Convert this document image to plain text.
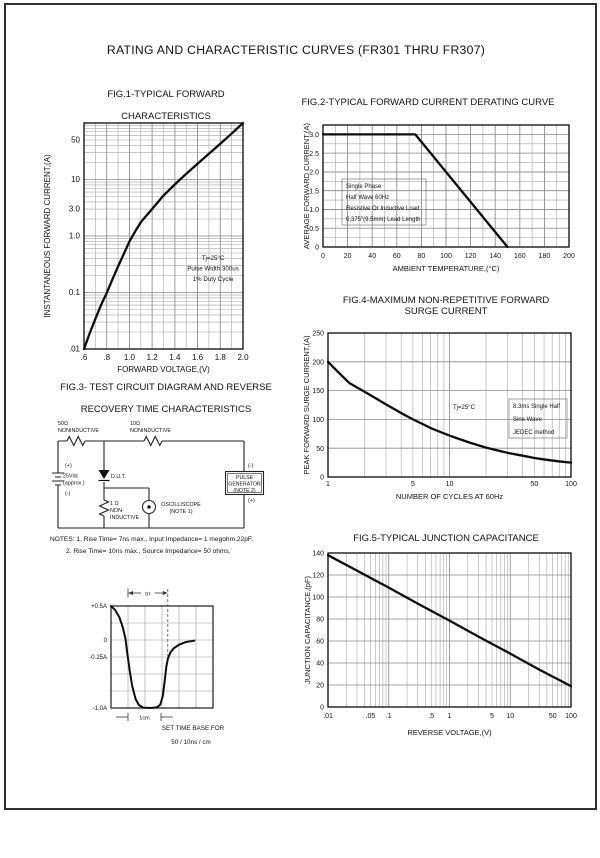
RATING AND CHARACTERISTIC CURVES (FR301 THRU FR307)
FIG.1-TYPICAL FORWARD
CHARACTERISTICS
.6 .8 1.0 1.2 1.4 1.6 1.8 2.0
50
10
3.0
1.0
0.1
.01
FORWARD VOLTAGE,(V)
INSTANTANEOUS FORWARD CURRENT,(A)	Tj=25°C
Pulse Width 300us
1% Duty Cycle
FIG.2-TYPICAL FORWARD CURRENT DERATING CURVE
0	20 40 60 80 100 120 140 160 180 200
3.0
2.5
2.0
1.5
1.0
0.5
0
AMBIENT TEMPERATURE,(°C)
AVERAGE FORWARD CURRENT,(A)	Single Phase
Half Wave 60Hz
Resistive Or Inductive Load
0.375"(9.5mm) Lead Length
FIG.4-MAXIMUM NON-REPETITIVE FORWARD
SURGE CURRENT
1	5	10	50	100
250
200
150
100
50
0
NUMBER OF CYCLES AT 60Hz
PEAK FORWARD SURGE CURRENT,(A)	Tj=25°C	8.3ms Single Half
Sine Wave
JEDEC method
FIG.3- TEST CIRCUIT DIAGRAM AND REVERSE
RECOVERY TIME CHARACTERISTICS
50Ω
NONINDUCTIVE
10Ω
NONINDUCTIVE
(+)
25Vdc
(approx.)
(-)
D.U.T.
1 Ω
NON-
INDUCTIVE
OSCILLISCOPE
(NOTE 1)
(-)
(+)
PULSE
GENERATOR
(NOTE 2)
NOTES: 1. Rise Time= 7ns max., Input Impedance= 1 megohm.22pF.
2. Rise Time= 10ns max., Source Impedance= 50 ohms.
+0.5A
0
-0.25A
-1.0A
trr
1cm
SET TIME BASE FOR
50 / 10ns / cm
FIG.5-TYPICAL JUNCTION CAPACITANCE
.01	.05 .1	.5 1	5 10	50 100
140
120
100
80
60
40
20
0
REVERSE VOLTAGE,(V)
JUNCTION CAPACITANCE,(pF)
